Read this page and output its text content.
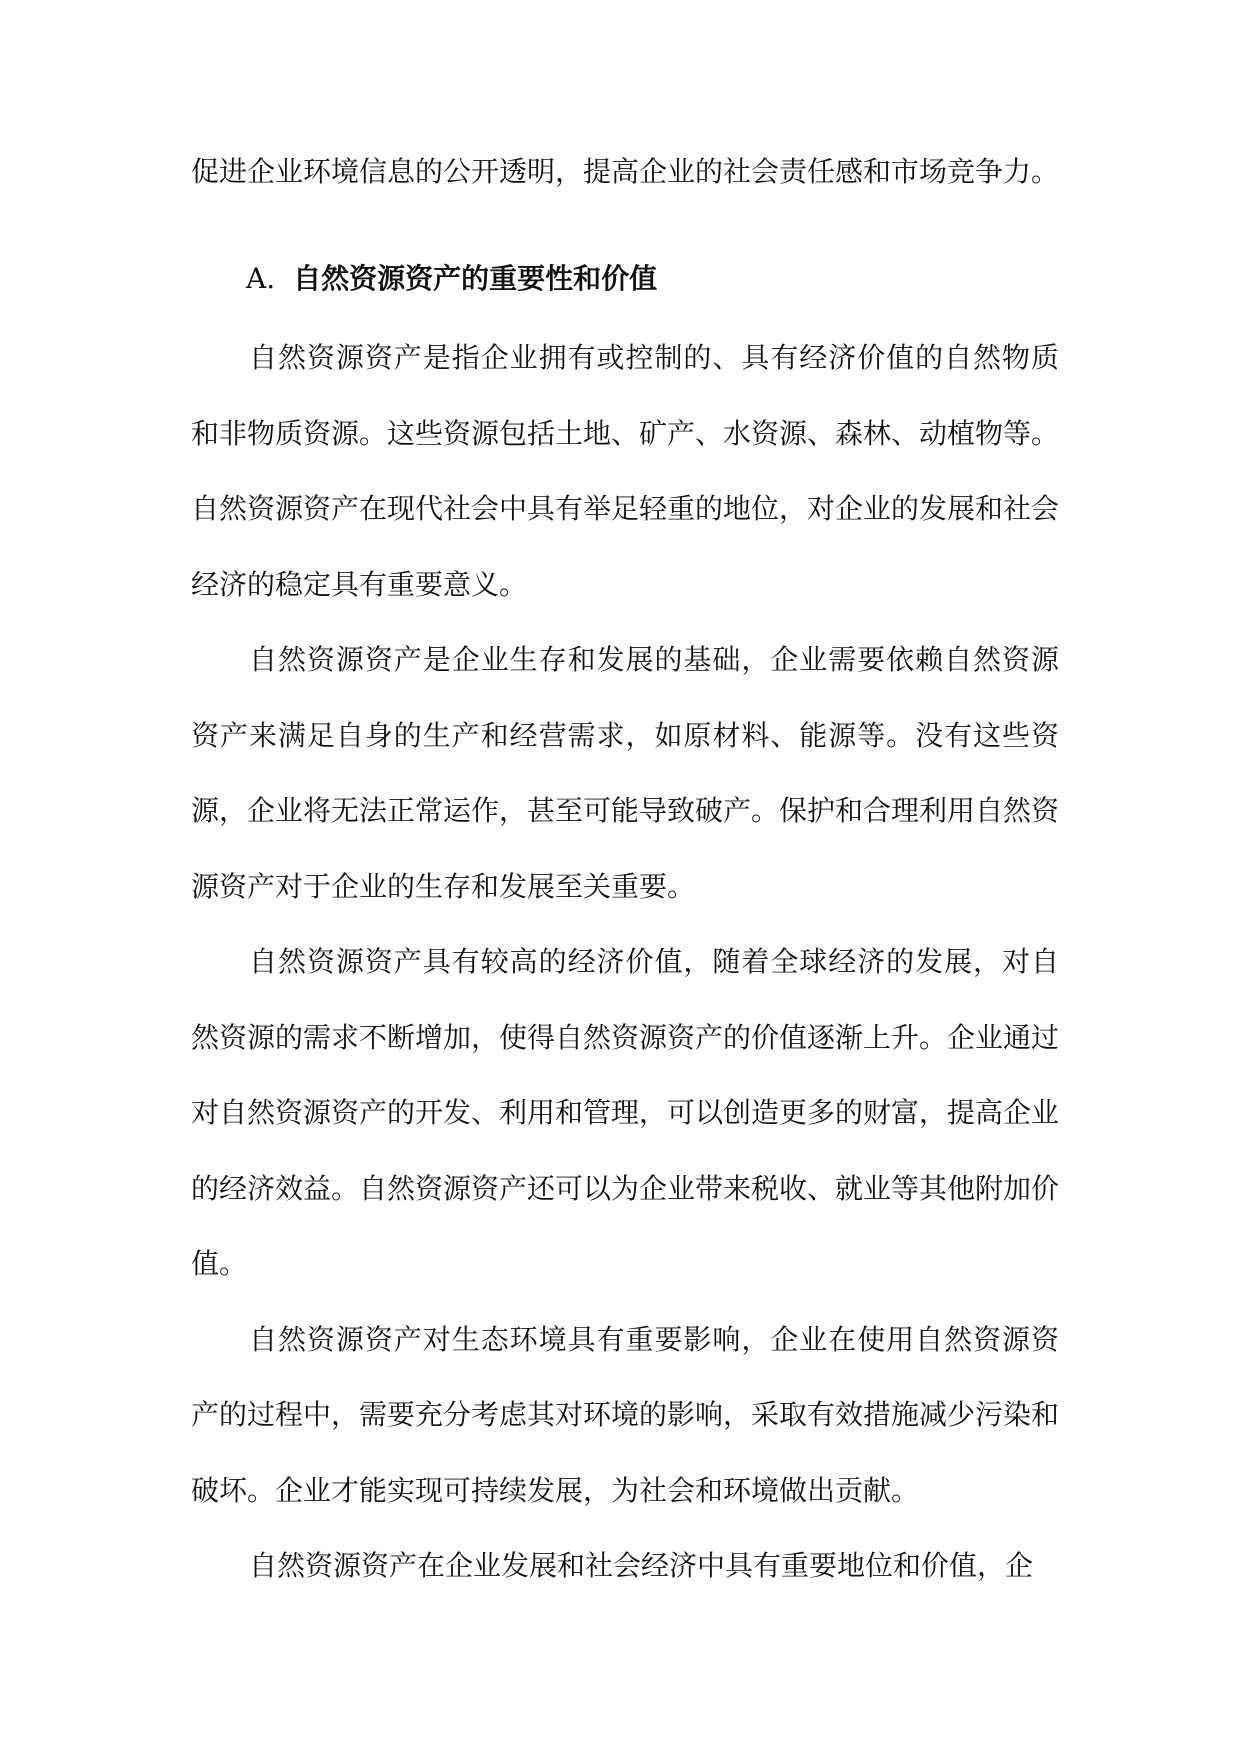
促进企业环境信息的公开透明，提高企业的社会责任感和市场竞争力。
A. 自然资源资产的重要性和价值

自然资源资产是指企业拥有或控制的、具有经济价值的自然物质和非物质资源。这些资源包括土地、矿产、水资源、森林、动植物等。自然资源资产在现代社会中具有举足轻重的地位，对企业的发展和社会经济的稳定具有重要意义。

自然资源资产是企业生存和发展的基础，企业需要依赖自然资源资产来满足自身的生产和经营需求，如原材料、能源等。没有这些资源，企业将无法正常运作，甚至可能导致破产。保护和合理利用自然资源资产对于企业的生存和发展至关重要。

自然资源资产具有较高的经济价值，随着全球经济的发展，对自然资源的需求不断增加，使得自然资源资产的价值逐渐上升。企业通过对自然资源资产的开发、利用和管理，可以创造更多的财富，提高企业的经济效益。自然资源资产还可以为企业带来税收、就业等其他附加价值。

自然资源资产对生态环境具有重要影响，企业在使用自然资源资产的过程中，需要充分考虑其对环境的影响，采取有效措施减少污染和破坏。企业才能实现可持续发展，为社会和环境做出贡献。

自然资源资产在企业发展和社会经济中具有重要地位和价值，企
